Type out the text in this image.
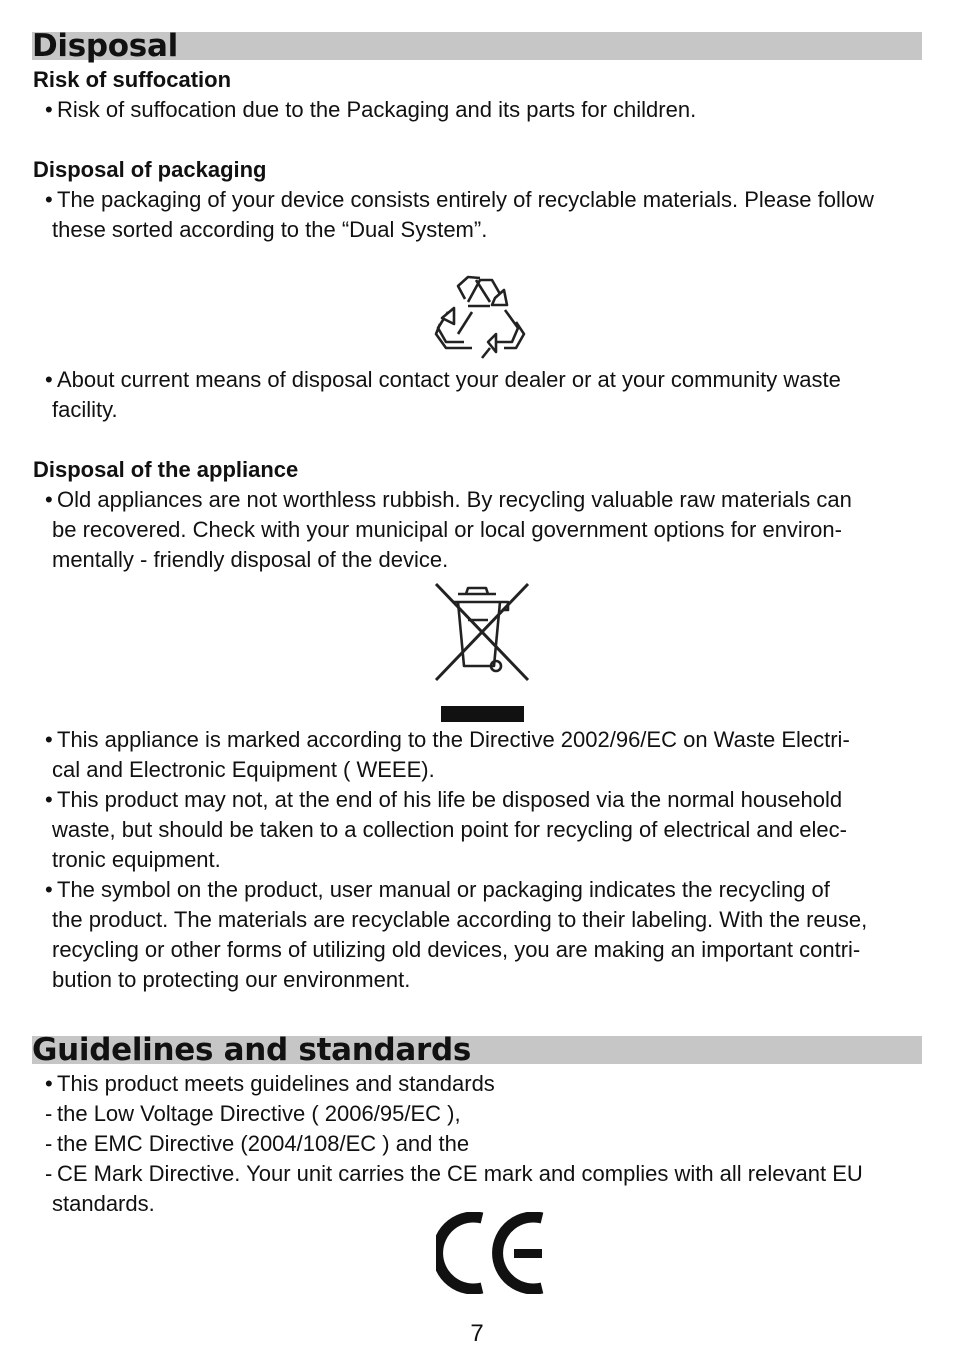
Disposal
Risk of suffocation
• Risk of suffocation due to the Packaging and its parts for children.
Disposal of packaging
• The packaging of your device consists entirely of recyclable materials. Please follow
these sorted according to the “Dual System”.
• About current means of disposal contact your dealer or at your community waste
facility.
Disposal of the appliance
• Old appliances are not worthless rubbish. By recycling valuable raw materials can
be recovered. Check with your municipal or local government options for environ-
mentally - friendly disposal of the device.
• This appliance is marked according to the Directive 2002/96/EC on Waste Electri-
cal and Electronic Equipment ( WEEE).
• This product may not, at the end of his life be disposed via the normal household
waste, but should be taken to a collection point for recycling of electrical and elec-
tronic equipment.
• The symbol on the product, user manual or packaging indicates the recycling of
the product. The materials are recyclable according to their labeling. With the reuse,
recycling or other forms of utilizing old devices, you are making an important contri-
bution to protecting our environment.
Guidelines and standards
• This product meets guidelines and standards
- the Low Voltage Directive ( 2006/95/EC ),
- the EMC Directive (2004/108/EC ) and the
- CE Mark Directive. Your unit carries the CE mark and complies with all relevant EU
standards.
7
